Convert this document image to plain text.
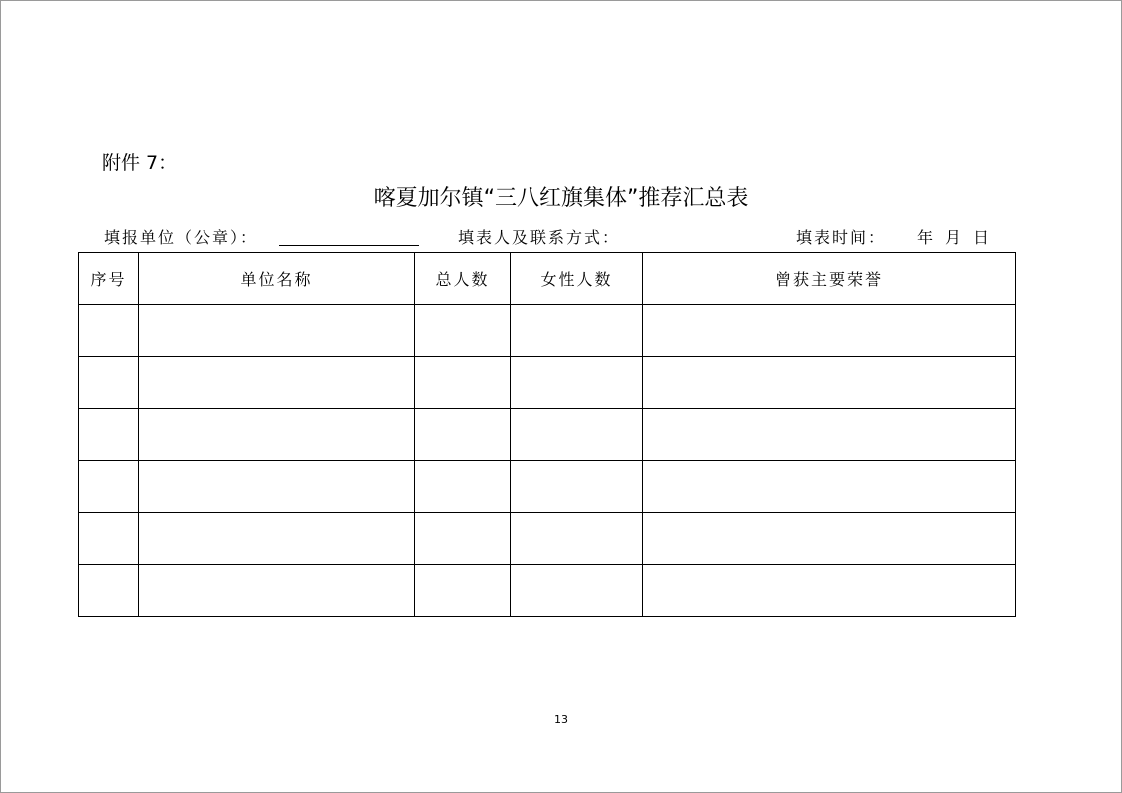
附件 7：
喀夏加尔镇“三八红旗集体”推荐汇总表
填报单位（公章）：	填表人及联系方式：	填表时间： 年 月 日
序号	单位名称	总人数	女性人数	曾获主要荣誉

13
